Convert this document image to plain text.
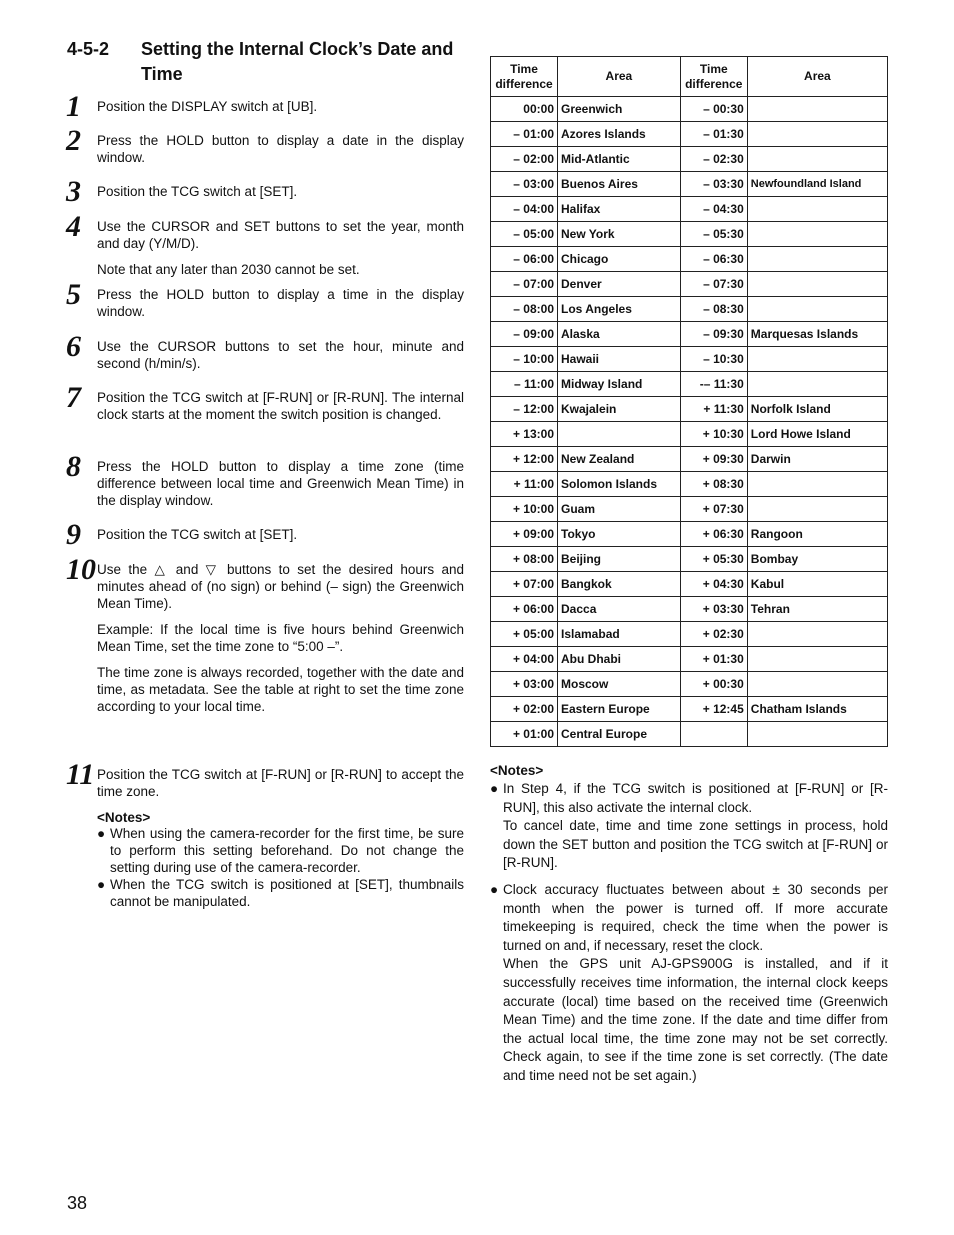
4-5-2 Setting the Internal Clock’s Date and Time
1 Position the DISPLAY switch at [UB].

2 Press the HOLD button to display a date in the display window.

3 Position the TCG switch at [SET].

4 Use the CURSOR and SET buttons to set the year, month and day (Y/M/D).

Note that any later than 2030 cannot be set.

5 Press the HOLD button to display a time in the display window.

6 Use the CURSOR buttons to set the hour, minute and second (h/min/s).

7 Position the TCG switch at [F-RUN] or [R-RUN]. The internal clock starts at the moment the switch position is changed.

8 Press the HOLD button to display a time zone (time difference between local time and Greenwich Mean Time) in the display window.

9 Position the TCG switch at [SET].

10 Use the △ and ▽ buttons to set the desired hours and minutes ahead of (no sign) or behind (– sign) the Greenwich Mean Time).

Example: If the local time is five hours behind Greenwich Mean Time, set the time zone to “5:00 –”.

The time zone is always recorded, together with the date and time, as metadata. See the table at right to set the time zone according to your local time.

11 Position the TCG switch at [F-RUN] or [R-RUN] to accept the time zone.

<Notes>
● When using the camera-recorder for the first time, be sure to perform this setting beforehand. Do not change the setting during use of the camera-recorder.
● When the TCG switch is positioned at [SET], thumbnails cannot be manipulated.
Time difference	Area	Time difference	Area
00:00	Greenwich	– 00:30	
– 01:00	Azores Islands	– 01:30	
– 02:00	Mid-Atlantic	– 02:30	
– 03:00	Buenos Aires	– 03:30	Newfoundland Island
– 04:00	Halifax	– 04:30	
– 05:00	New York	– 05:30	
– 06:00	Chicago	– 06:30	
– 07:00	Denver	– 07:30	
– 08:00	Los Angeles	– 08:30	
– 09:00	Alaska	– 09:30	Marquesas Islands
– 10:00	Hawaii	– 10:30	
– 11:00	Midway Island	-– 11:30	
– 12:00	Kwajalein	+ 11:30	Norfolk Island
+ 13:00		+ 10:30	Lord Howe Island
+ 12:00	New Zealand	+ 09:30	Darwin
+ 11:00	Solomon Islands	+ 08:30	
+ 10:00	Guam	+ 07:30	
+ 09:00	Tokyo	+ 06:30	Rangoon
+ 08:00	Beijing	+ 05:30	Bombay
+ 07:00	Bangkok	+ 04:30	Kabul
+ 06:00	Dacca	+ 03:30	Tehran
+ 05:00	Islamabad	+ 02:30	
+ 04:00	Abu Dhabi	+ 01:30	
+ 03:00	Moscow	+ 00:30	
+ 02:00	Eastern Europe	+ 12:45	Chatham Islands
+ 01:00	Central Europe		
<Notes>
● In Step 4, if the TCG switch is positioned at [F-RUN] or [R-RUN], this also activate the internal clock.

To cancel date, time and time zone settings in process, hold down the SET button and position the TCG switch at [F-RUN] or [R-RUN].

● Clock accuracy fluctuates between about ± 30 seconds per month when the power is turned off. If more accurate timekeeping is required, check the time when the power is turned on and, if necessary, reset the clock.

When the GPS unit AJ-GPS900G is installed, and if it successfully receives time information, the internal clock keeps accurate (local) time based on the received time (Greenwich Mean Time) and the time zone. If the date and time differ from the actual local time, the time zone may not be set correctly. Check again, to see if the time zone is set correctly. (The date and time need not be set again.)

38
